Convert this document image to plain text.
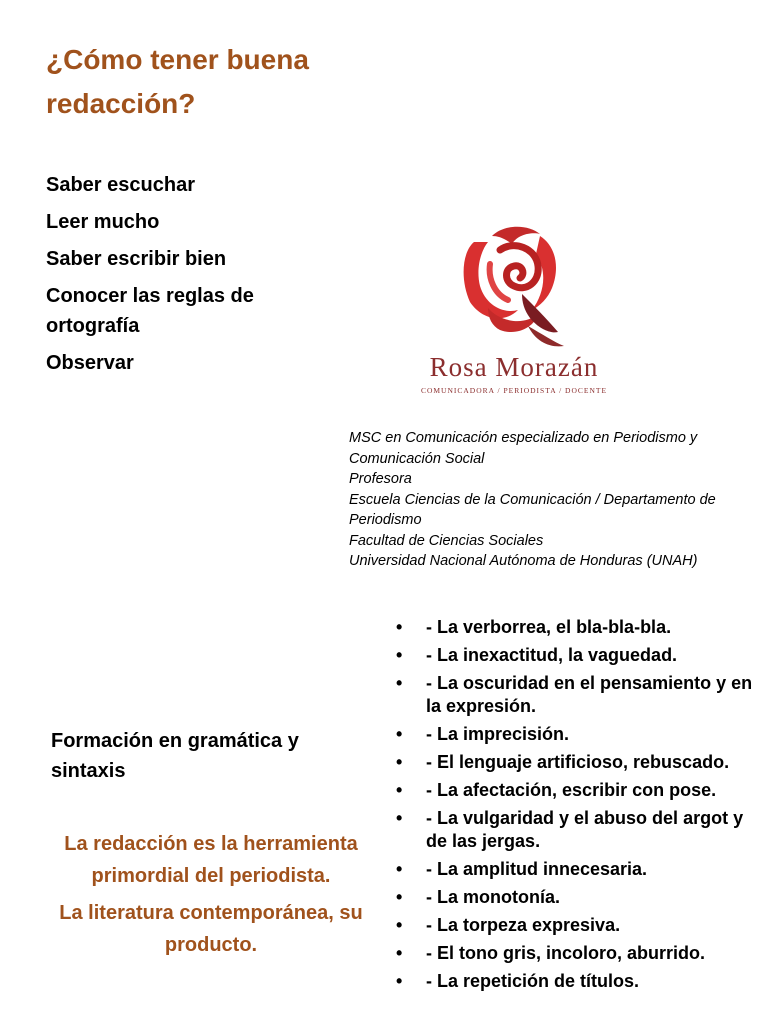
¿Cómo tener buena redacción?
Saber escuchar
Leer mucho
Saber escribir bien
Conocer las reglas de ortografía
Observar	Rosa Morazán
COMUNICADORA / PERIODISTA / DOCENTE
MSC en Comunicación especializado en Periodismo y Comunicación Social
Profesora
Escuela Ciencias de la Comunicación / Departamento de Periodismo
Facultad de Ciencias Sociales
Universidad Nacional Autónoma de Honduras (UNAH)
Formación en gramática y sintaxis

La redacción es la herramienta primordial del periodista.

La literatura contemporánea, su producto.

• - La verborrea, el bla-bla-bla.
• - La inexactitud, la vaguedad.
• - La oscuridad en el pensamiento y en la expresión.
• - La imprecisión.
• - El lenguaje artificioso, rebuscado.
• - La afectación, escribir con pose.
• - La vulgaridad y el abuso del argot y de las jergas.
• - La amplitud innecesaria.
• - La monotonía.
• - La torpeza expresiva.
• - El tono gris, incoloro, aburrido.
• - La repetición de títulos.
